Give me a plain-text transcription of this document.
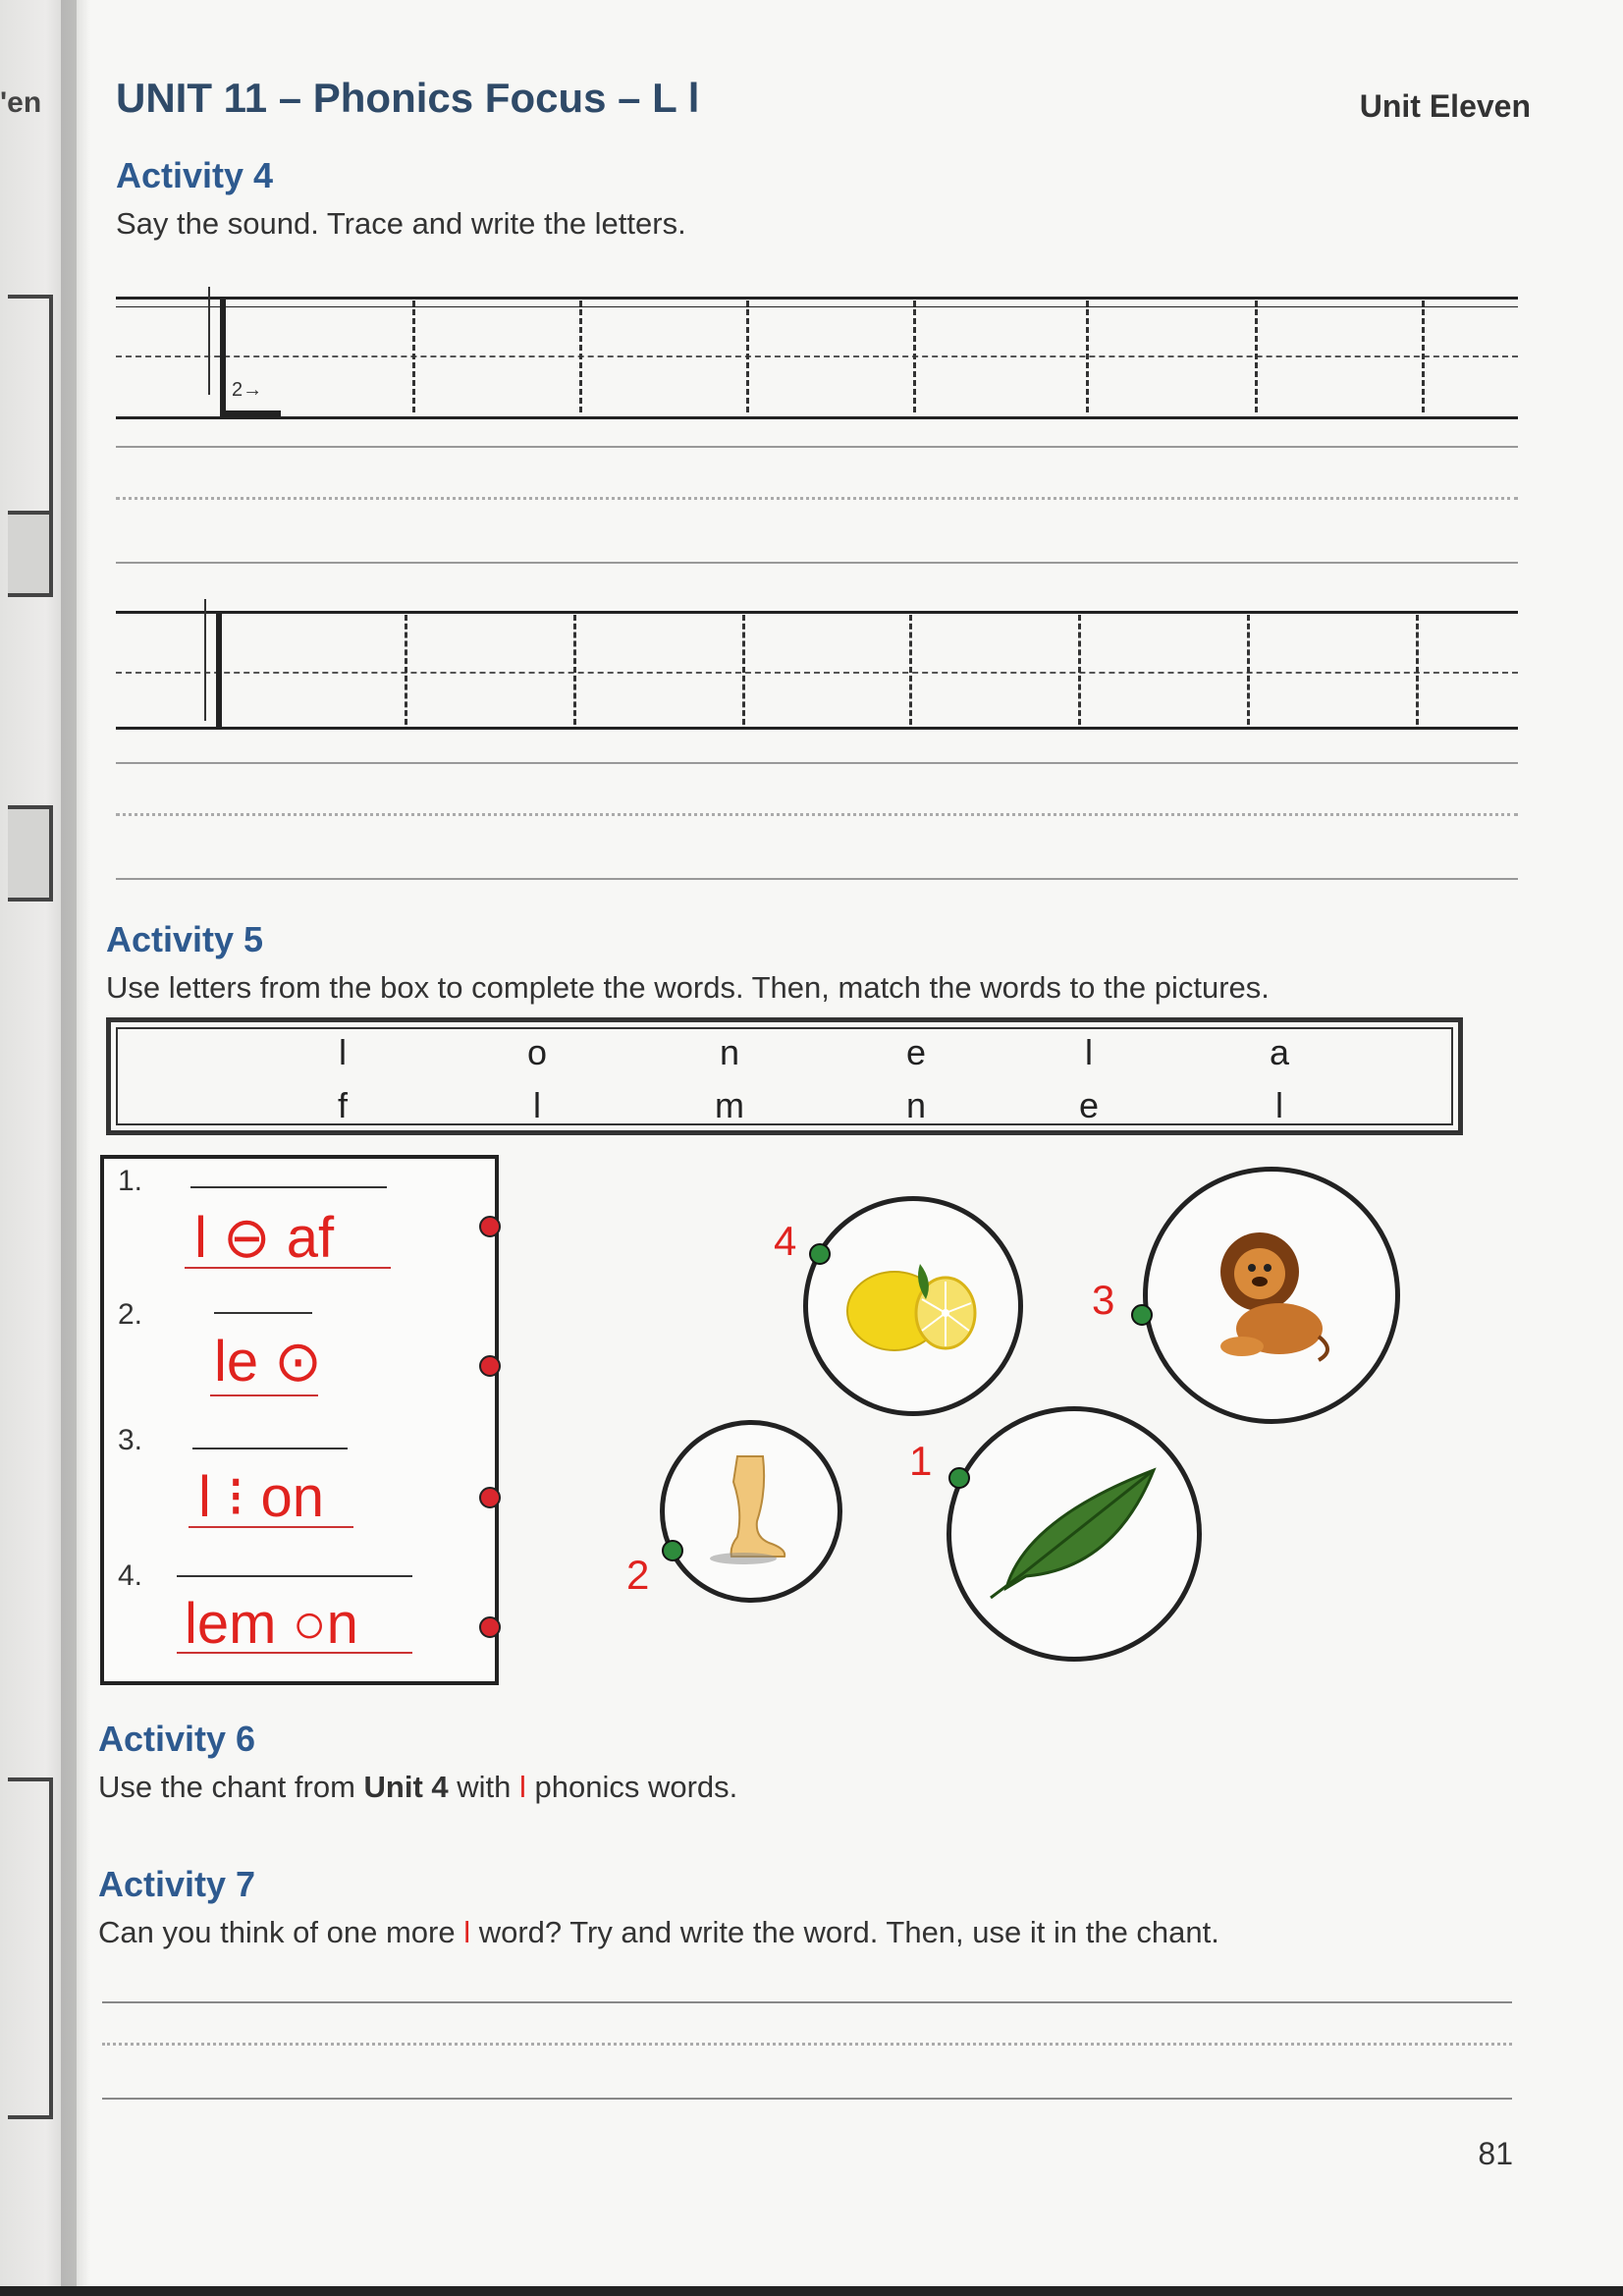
'en UNIT 11 – Phonics Focus – L l	Unit Eleven
Activity 4
Say the sound. Trace and write the letters.
2→
Activity 5
Use letters from the box to complete the words. Then, match the words to the pictures.
l	o	n	e	l	a
f	l	m	n	e	l
1.
l ⊖ af
2.
le ⊙
3.
l ⁝ on
4.
lem ○n
4
3
2
1
Activity 6
Use the chant from Unit 4 with l phonics words.
Activity 7
Can you think of one more l word? Try and write the word. Then, use it in the chant.
81
